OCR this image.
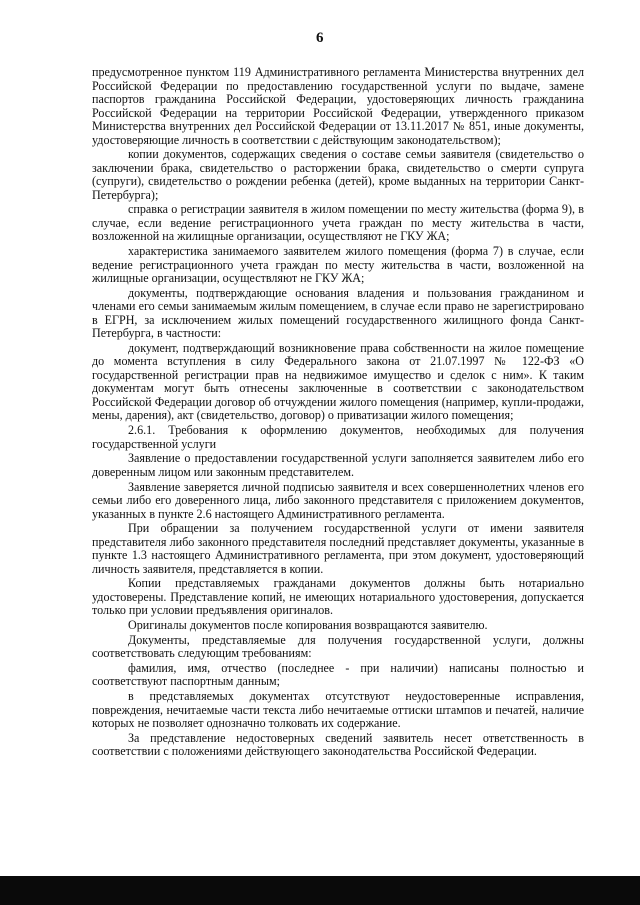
6

предусмотренное пунктом 119 Административного регламента Министерства внутренних дел Российской Федерации по предоставлению государственной услуги по выдаче, замене паспортов гражданина Российской Федерации, удостоверяющих личность гражданина Российской Федерации на территории Российской Федерации, утвержденного приказом Министерства внутренних дел Российской Федерации от 13.11.2017 № 851, иные документы, удостоверяющие личность в соответствии с действующим законодательством);

копии документов, содержащих сведения о составе семьи заявителя (свидетельство о заключении брака, свидетельство о расторжении брака, свидетельство о смерти супруга (супруги), свидетельство о рождении ребенка (детей), кроме выданных на территории Санкт-Петербурга);

справка о регистрации заявителя в жилом помещении по месту жительства (форма 9), в случае, если ведение регистрационного учета граждан по месту жительства в части, возложенной на жилищные организации, осуществляют не ГКУ ЖА;

характеристика занимаемого заявителем жилого помещения (форма 7) в случае, если ведение регистрационного учета граждан по месту жительства в части, возложенной на жилищные организации, осуществляют не ГКУ ЖА;

документы, подтверждающие основания владения и пользования гражданином и членами его семьи занимаемым жилым помещением, в случае если право не зарегистрировано в ЕГРН, за исключением жилых помещений государственного жилищного фонда Санкт-Петербурга, в частности:

документ, подтверждающий возникновение права собственности на жилое помещение до момента вступления в силу Федерального закона от 21.07.1997 № 122-ФЗ «О государственной регистрации прав на недвижимое имущество и сделок с ним». К таким документам могут быть отнесены заключенные в соответствии с законодательством Российской Федерации договор об отчуждении жилого помещения (например, купли-продажи, мены, дарения), акт (свидетельство, договор) о приватизации жилого помещения;

2.6.1. Требования к оформлению документов, необходимых для получения государственной услуги

Заявление о предоставлении государственной услуги заполняется заявителем либо его доверенным лицом или законным представителем.

Заявление заверяется личной подписью заявителя и всех совершеннолетних членов его семьи либо его доверенного лица, либо законного представителя с приложением документов, указанных в пункте 2.6 настоящего Административного регламента.

При обращении за получением государственной услуги от имени заявителя представителя либо законного представителя последний представляет документы, указанные в пункте 1.3 настоящего Административного регламента, при этом документ, удостоверяющий личность заявителя, представляется в копии.

Копии представляемых гражданами документов должны быть нотариально удостоверены. Представление копий, не имеющих нотариального удостоверения, допускается только при условии предъявления оригиналов.

Оригиналы документов после копирования возвращаются заявителю.

Документы, представляемые для получения государственной услуги, должны соответствовать следующим требованиям:

фамилия, имя, отчество (последнее - при наличии) написаны полностью и соответствуют паспортным данным;

в представляемых документах отсутствуют неудостоверенные исправления, повреждения, нечитаемые части текста либо нечитаемые оттиски штампов и печатей, наличие которых не позволяет однозначно толковать их содержание.

За представление недостоверных сведений заявитель несет ответственность в соответствии с положениями действующего законодательства Российской Федерации.
